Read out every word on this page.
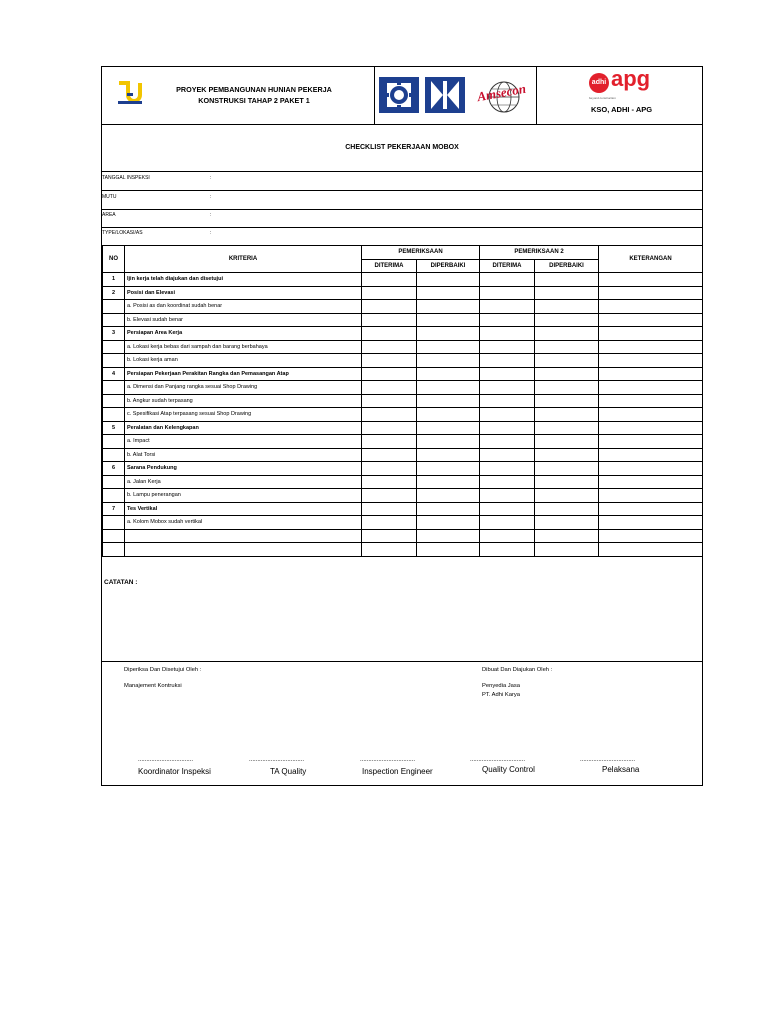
PROYEK PEMBANGUNAN HUNIAN PEKERJA
KONSTRUKSI TAHAP 2 PAKET 1	Amsecon	adhi apg
beyond construction
KSO, ADHI - APG
CHECKLIST PEKERJAAN MOBOX
TANGGAL INSPEKSI	:
MUTU	:
AREA	:
TYPE/LOKASI/AS	:
NO	KRITERIA	PEMERIKSAAN		PEMERIKSAAN 2		KETERANGAN
		DITERIMA	DIPERBAIKI	DITERIMA	DIPERBAIKI	
1	Ijin kerja telah diajukan dan disetujui					
2	Posisi dan Elevasi					
	a. Posisi as dan koordinat sudah benar					
	b. Elevasi sudah benar					
3	Persiapan Area Kerja					
	a. Lokasi kerja bebas dari sampah dan barang berbahaya					
	b. Lokasi kerja aman					
4	Persiapan Pekerjaan Perakitan Rangka dan Pemasangan Atap					
	a. Dimensi dan Panjang rangka sesuai Shop Drawing					
	b. Angkur sudah terpasang					
	c. Spesifikasi Atap terpasang sesuai Shop Drawing					
5	Peralatan dan Kelengkapan					
	a. Impact					
	b. Alat Torsi					
6	Sarana Pendukung					
	a. Jalan Kerja					
	b. Lampu penerangan					
7	Tes Vertikal					
	a. Kolom Mobox sudah vertikal					

CATATAN :
Diperiksa Dan Disetujui Oleh :
Manajement Kontruksi
Dibuat Dan Diajukan Oleh :
Penyedia Jasa
PT. Adhi Karya
.................................	.................................	.................................	.................................	.................................
Koordinator Inspeksi	TA Quality	Inspection Engineer	Quality Control	Pelaksana
